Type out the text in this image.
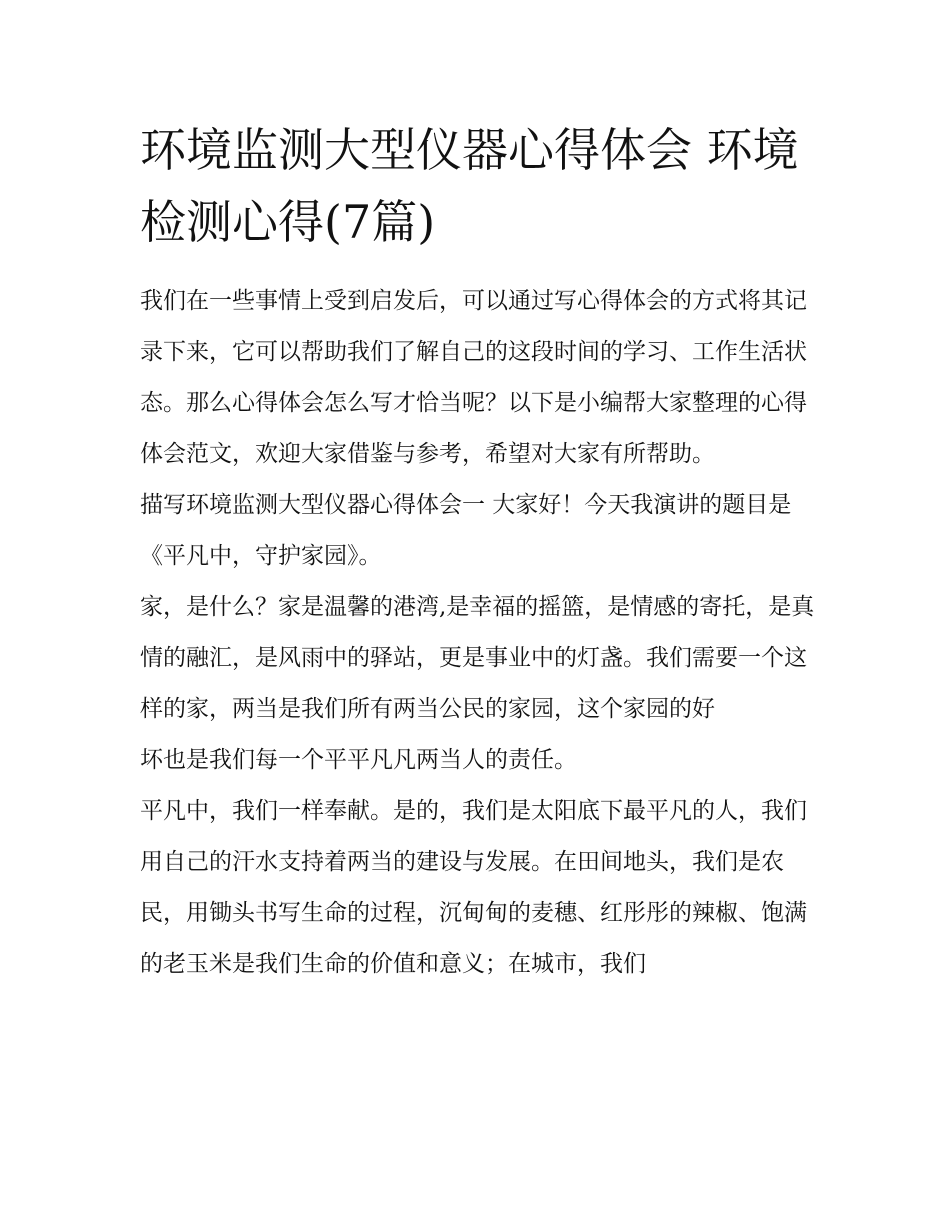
环境监测大型仪器心得体会 环境检测心得(7篇)

我们在一些事情上受到启发后，可以通过写心得体会的方式将其记录下来，它可以帮助我们了解自己的这段时间的学习、工作生活状态。那么心得体会怎么写才恰当呢？以下是小编帮大家整理的心得体会范文，欢迎大家借鉴与参考，希望对大家有所帮助。

描写环境监测大型仪器心得体会一 大家好！今天我演讲的题目是《平凡中，守护家园》。

家，是什么？家是温馨的港湾,是幸福的摇篮，是情感的寄托，是真情的融汇，是风雨中的驿站，更是事业中的灯盏。我们需要一个这样的家，两当是我们所有两当公民的家园，这个家园的好

坏也是我们每一个平平凡凡两当人的责任。

平凡中，我们一样奉献。是的，我们是太阳底下最平凡的人，我们用自己的汗水支持着两当的建设与发展。在田间地头，我们是农民，用锄头书写生命的过程，沉甸甸的麦穗、红彤彤的辣椒、饱满的老玉米是我们生命的价值和意义；在城市，我们
